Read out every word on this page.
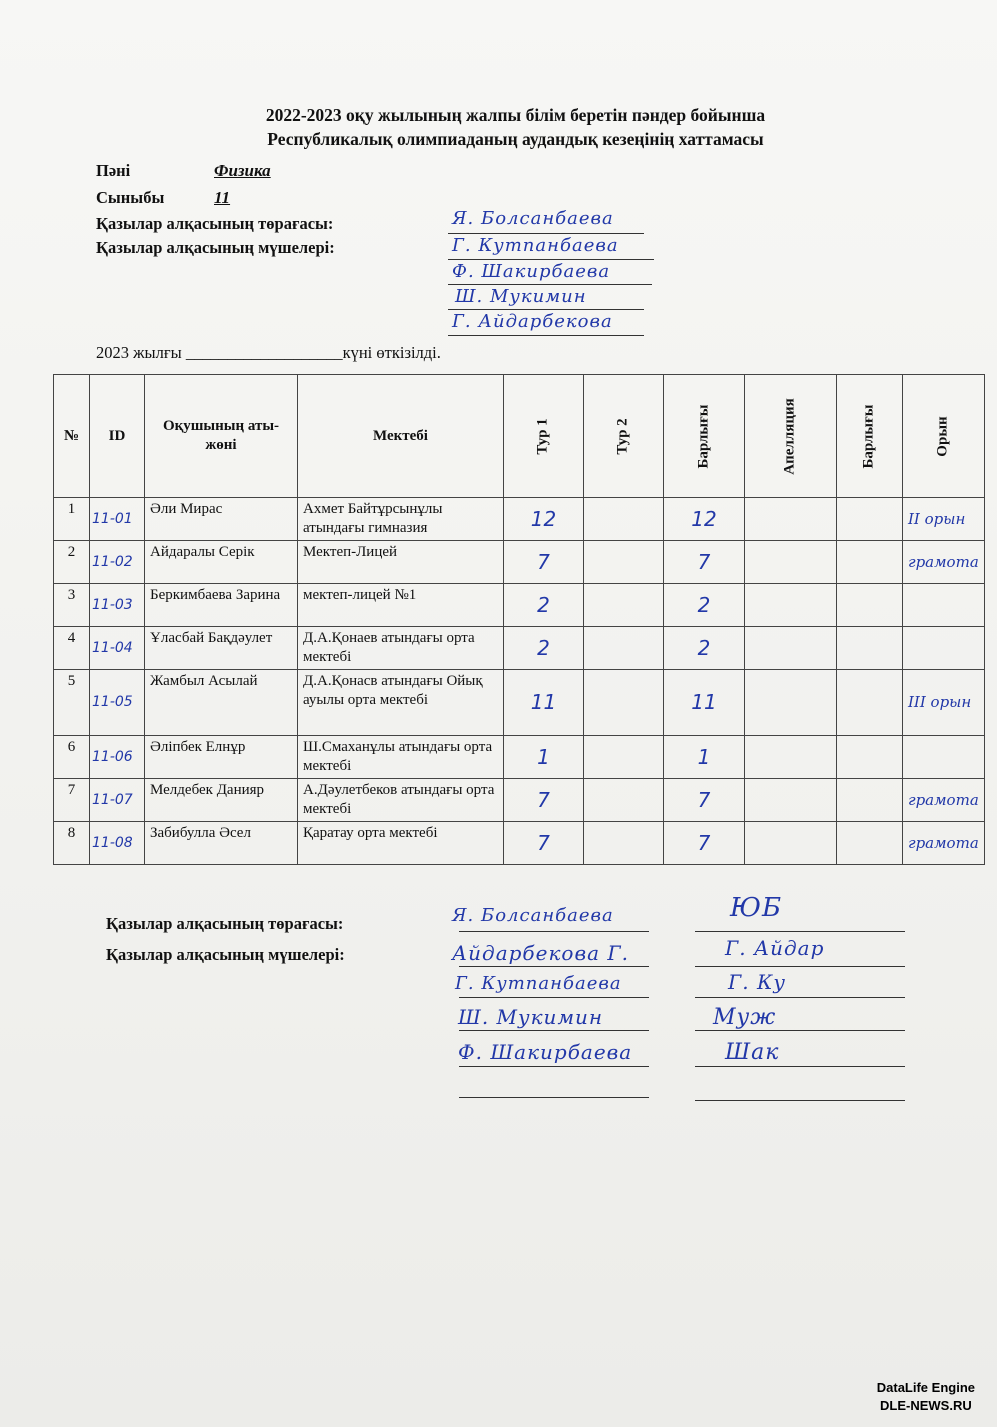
2022-2023 оқу жылының жалпы білім беретін пәндер бойынша
Республикалық олимпиаданың аудандық кезеңінің хаттамасы
Пәні	Физика
Сыныбы	11
Қазылар алқасының төрағасы:
Қазылар алқасының мүшелері:
Я. Болсанбаева
Г. Кутпанбаева
Ф. Шакирбаева
Ш. Мукимин
Г. Айдарбекова
2023 жылғы ___________________күні өткізілді.
№	ID	Оқушының аты-жөні	Мектебі	Тур 1	Тур 2	Барлығы	Апелляция	Барлығы	Орын
1	11-01	Әли Мирас	Ахмет Байтұрсынұлы атындағы гимназия	12		12			II орын
2	11-02	Айдаралы Серік	Мектеп-Лицей	7		7			грамота
3	11-03	Беркимбаева Зарина	мектеп-лицей №1	2		2			
4	11-04	Ұласбай Бақдәулет	Д.А.Қонаев атындағы орта мектебі	2		2			
5	11-05	Жамбыл Асылай	Д.А.Қонасв атындағы Ойық ауылы орта мектебі	11		11			III орын
6	11-06	Әліпбек Елнұр	Ш.Смаханұлы атындағы орта мектебі	1		1			
7	11-07	Мелдебек Данияр	А.Дәулетбеков атындағы орта мектебі	7		7			грамота
8	11-08	Забибулла Әсел	Қаратау орта мектебі	7		7			грамота
Қазылар алқасының төрағасы:
Қазылар алқасының мүшелері:
Я. Болсанбаева
Айдарбекова Г.
Г. Кутпанбаева
Ш. Мукимин
Ф. Шакирбаева
ЮБ
Г. Айдар
Г. Ку
Муж
Шак
DataLife Engine
DLE-NEWS.RU
